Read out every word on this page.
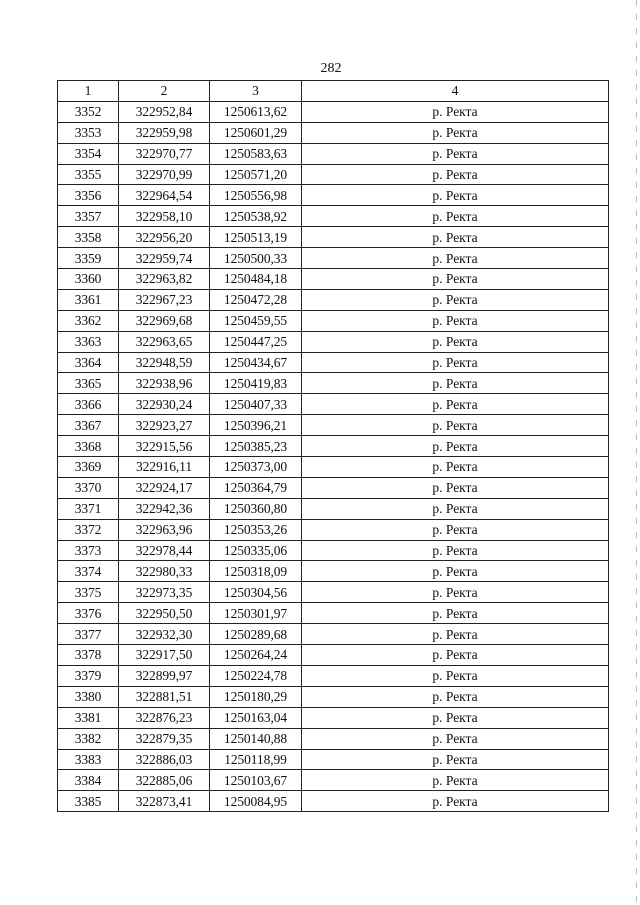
282
1	2	3	4
3352	322952,84	1250613,62	р. Ректа
3353	322959,98	1250601,29	р. Ректа
3354	322970,77	1250583,63	р. Ректа
3355	322970,99	1250571,20	р. Ректа
3356	322964,54	1250556,98	р. Ректа
3357	322958,10	1250538,92	р. Ректа
3358	322956,20	1250513,19	р. Ректа
3359	322959,74	1250500,33	р. Ректа
3360	322963,82	1250484,18	р. Ректа
3361	322967,23	1250472,28	р. Ректа
3362	322969,68	1250459,55	р. Ректа
3363	322963,65	1250447,25	р. Ректа
3364	322948,59	1250434,67	р. Ректа
3365	322938,96	1250419,83	р. Ректа
3366	322930,24	1250407,33	р. Ректа
3367	322923,27	1250396,21	р. Ректа
3368	322915,56	1250385,23	р. Ректа
3369	322916,11	1250373,00	р. Ректа
3370	322924,17	1250364,79	р. Ректа
3371	322942,36	1250360,80	р. Ректа
3372	322963,96	1250353,26	р. Ректа
3373	322978,44	1250335,06	р. Ректа
3374	322980,33	1250318,09	р. Ректа
3375	322973,35	1250304,56	р. Ректа
3376	322950,50	1250301,97	р. Ректа
3377	322932,30	1250289,68	р. Ректа
3378	322917,50	1250264,24	р. Ректа
3379	322899,97	1250224,78	р. Ректа
3380	322881,51	1250180,29	р. Ректа
3381	322876,23	1250163,04	р. Ректа
3382	322879,35	1250140,88	р. Ректа
3383	322886,03	1250118,99	р. Ректа
3384	322885,06	1250103,67	р. Ректа
3385	322873,41	1250084,95	р. Ректа
